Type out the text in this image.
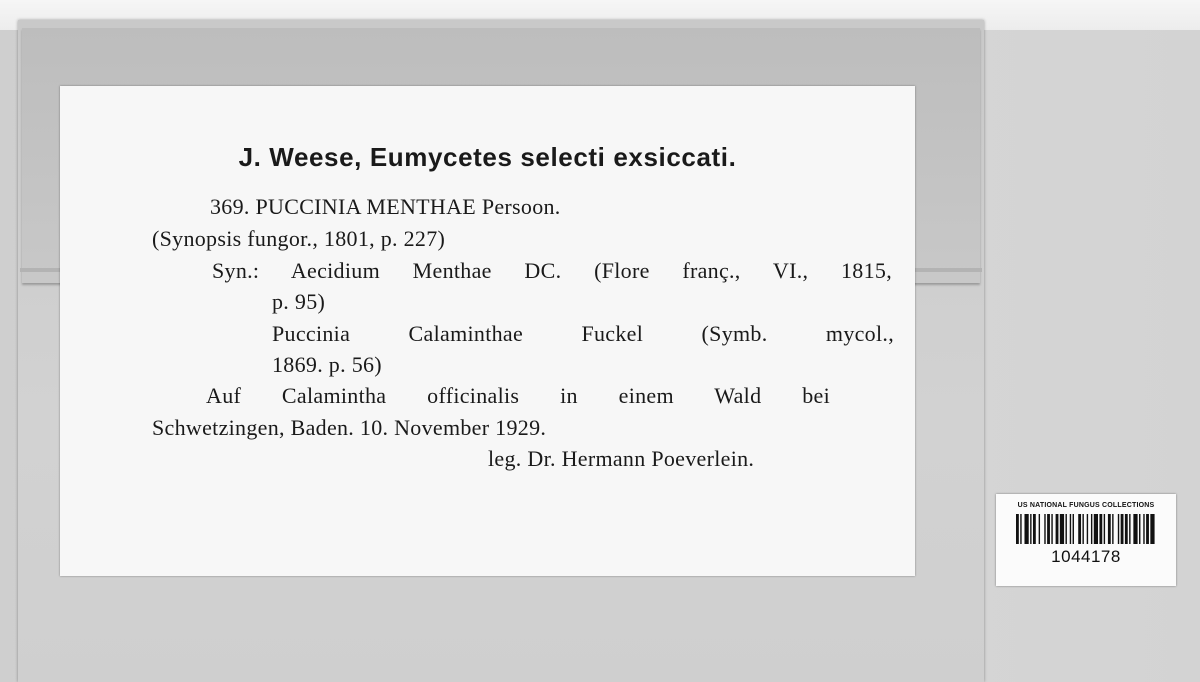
J. Weese, Eumycetes selecti exsiccati.
369. PUCCINIA MENTHAE Persoon.
(Synopsis fungor., 1801, p. 227)
Syn.: Aecidium Menthae DC. (Flore franç., VI., 1815,
p. 95)
Puccinia Calaminthae Fuckel (Symb. mycol.,
1869. p. 56)
Auf Calamintha officinalis in einem Wald bei
Schwetzingen, Baden. 10. November 1929.
leg. Dr. Hermann Poeverlein.
US NATIONAL FUNGUS COLLECTIONS
1044178
